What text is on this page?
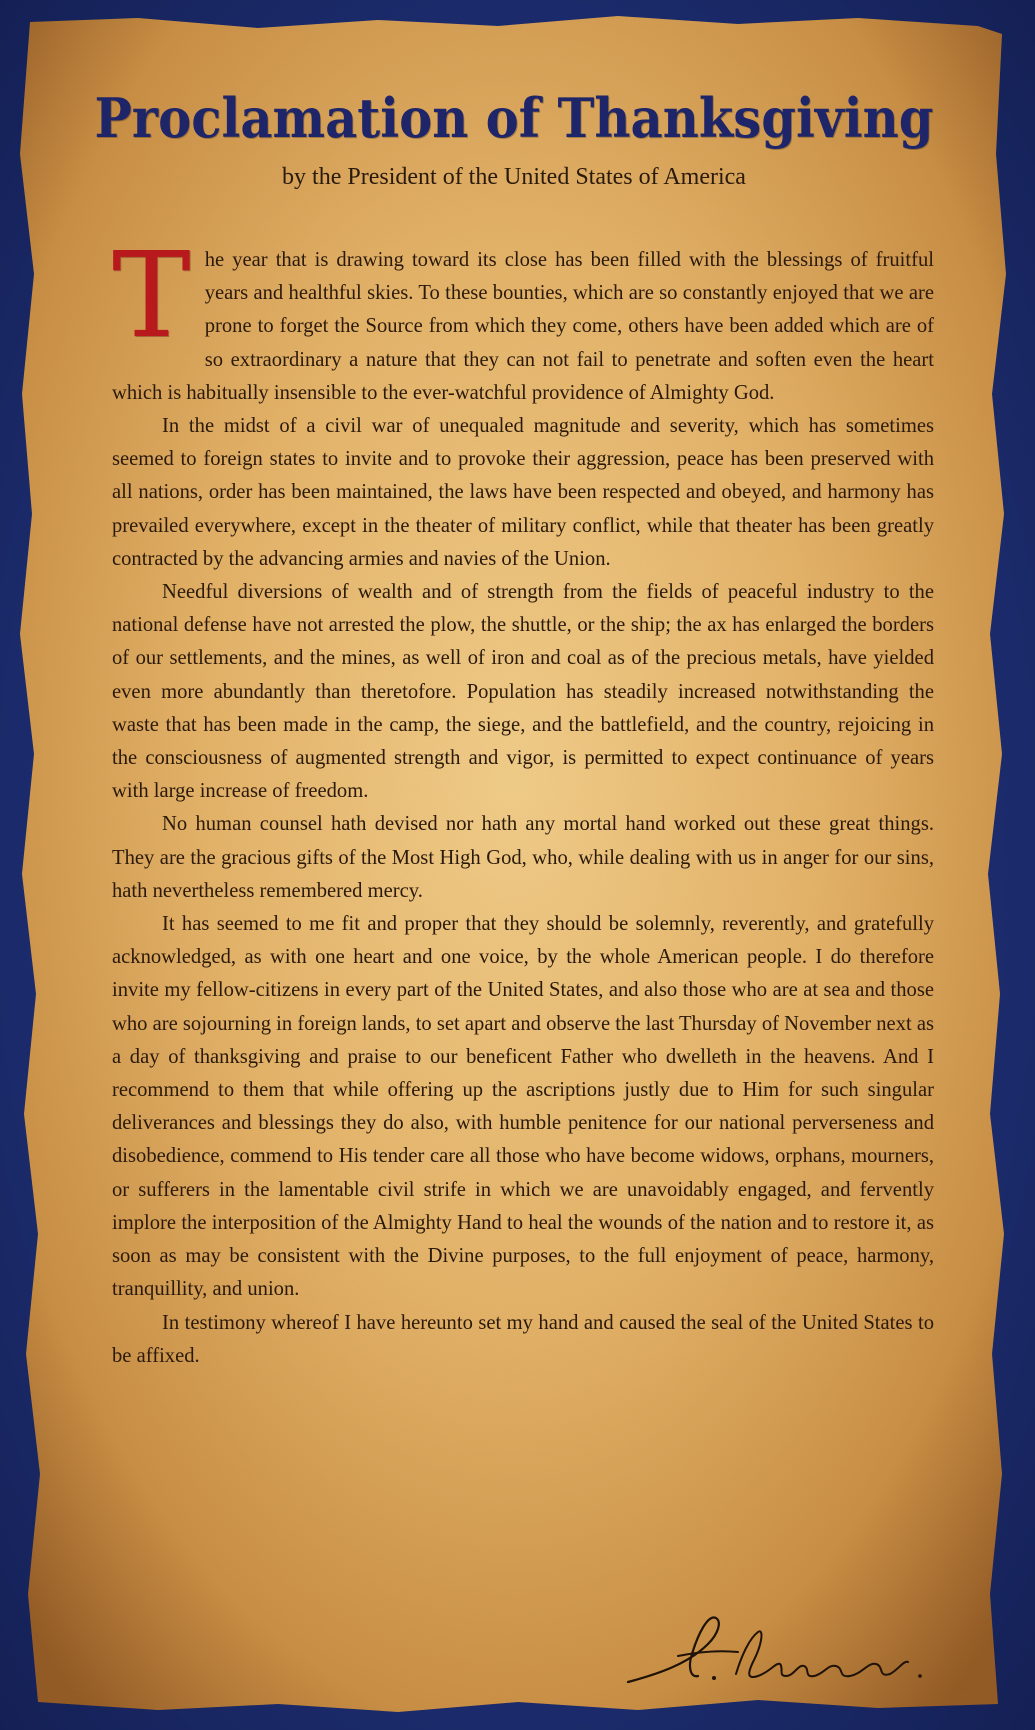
Proclamation of Thanksgiving
by the President of the United States of America

The year that is drawing toward its close has been filled with the blessings of fruitful years and healthful skies. To these bounties, which are so constantly enjoyed that we are prone to forget the Source from which they come, others have been added which are of so extraordinary a nature that they can not fail to penetrate and soften even the heart which is habitually insensible to the ever-watchful providence of Almighty God.

In the midst of a civil war of unequaled magnitude and severity, which has sometimes seemed to foreign states to invite and to provoke their aggression, peace has been preserved with all nations, order has been maintained, the laws have been respected and obeyed, and harmony has prevailed everywhere, except in the theater of military conflict, while that theater has been greatly contracted by the advancing armies and navies of the Union.

Needful diversions of wealth and of strength from the fields of peaceful industry to the national defense have not arrested the plow, the shuttle, or the ship; the ax has enlarged the borders of our settlements, and the mines, as well of iron and coal as of the precious metals, have yielded even more abundantly than theretofore. Population has steadily increased notwithstanding the waste that has been made in the camp, the siege, and the battlefield, and the country, rejoicing in the consciousness of augmented strength and vigor, is permitted to expect continuance of years with large increase of freedom.

No human counsel hath devised nor hath any mortal hand worked out these great things. They are the gracious gifts of the Most High God, who, while dealing with us in anger for our sins, hath nevertheless remembered mercy.

It has seemed to me fit and proper that they should be solemnly, reverently, and gratefully acknowledged, as with one heart and one voice, by the whole American people. I do therefore invite my fellow-citizens in every part of the United States, and also those who are at sea and those who are sojourning in foreign lands, to set apart and observe the last Thursday of November next as a day of thanksgiving and praise to our beneficent Father who dwelleth in the heavens. And I recommend to them that while offering up the ascriptions justly due to Him for such singular deliverances and blessings they do also, with humble penitence for our national perverseness and disobedience, commend to His tender care all those who have become widows, orphans, mourners, or sufferers in the lamentable civil strife in which we are unavoidably engaged, and fervently implore the interposition of the Almighty Hand to heal the wounds of the nation and to restore it, as soon as may be consistent with the Divine purposes, to the full enjoyment of peace, harmony, tranquillity, and union.

In testimony whereof I have hereunto set my hand and caused the seal of the United States to be affixed.
